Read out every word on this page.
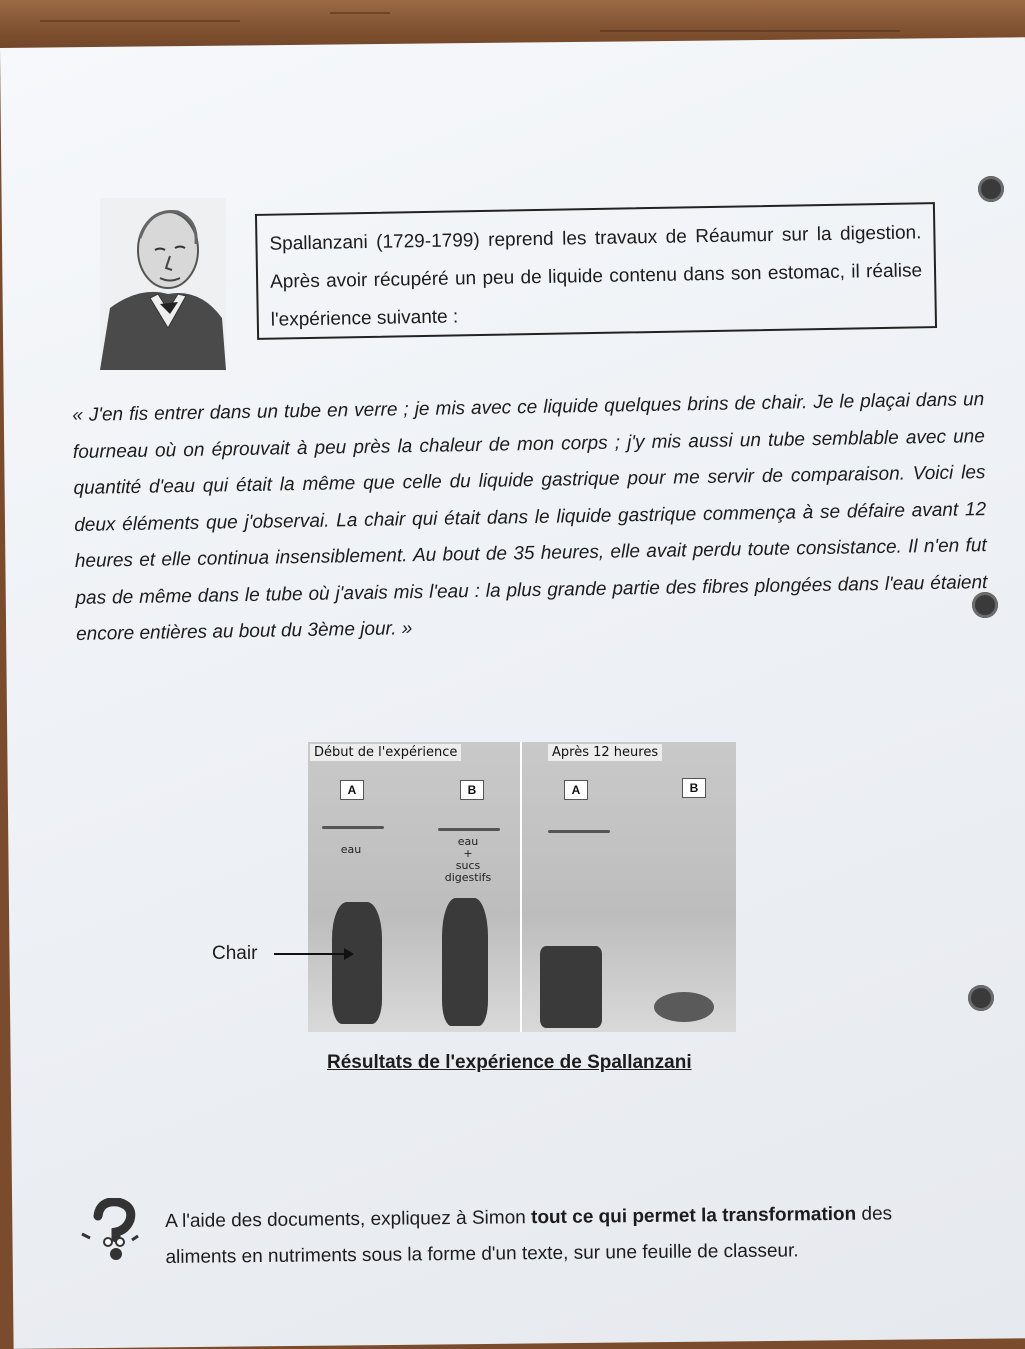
Spallanzani (1729-1799) reprend les travaux de Réaumur sur la digestion. Après avoir récupéré un peu de liquide contenu dans son estomac, il réalise l'expérience suivante :
« J'en fis entrer dans un tube en verre ; je mis avec ce liquide quelques brins de chair. Je le plaçai dans un fourneau où on éprouvait à peu près la chaleur de mon corps ; j'y mis aussi un tube semblable avec une quantité d'eau qui était la même que celle du liquide gastrique pour me servir de comparaison. Voici les deux éléments que j'observai. La chair qui était dans le liquide gastrique commença à se défaire avant 12 heures et elle continua insensiblement. Au bout de 35 heures, elle avait perdu toute consistance. Il n'en fut pas de même dans le tube où j'avais mis l'eau : la plus grande partie des fibres plongées dans l'eau étaient encore entières au bout du 3ème jour. »
Début de l'expérience	Après 12 heures
A	B	A	B
eau
eau
+
sucs
digestifs
Chair
Résultats de l'expérience de Spallanzani
A l'aide des documents, expliquez à Simon tout ce qui permet la transformation des aliments en nutriments sous la forme d'un texte, sur une feuille de classeur.
